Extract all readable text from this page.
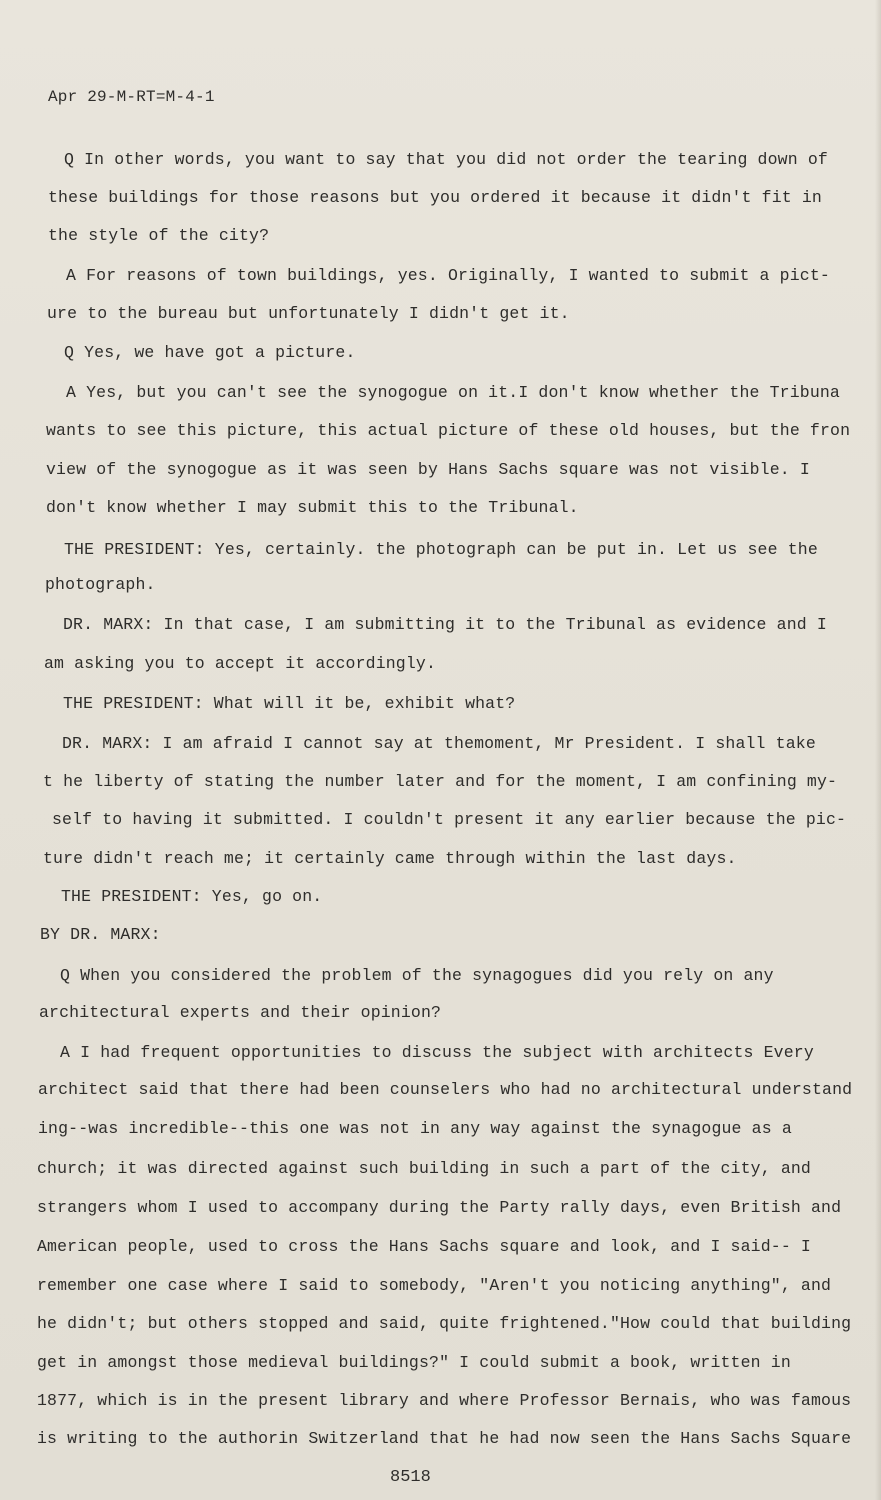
Apr 29-M-RT=M-4-1
Q In other words, you want to say that you did not order the tearing down of
these buildings for those reasons but you ordered it because it didn't fit in
the style of the city?
A For reasons of town buildings, yes. Originally, I wanted to submit a pict-
ure to the bureau but unfortunately I didn't get it.
Q Yes, we have got a picture.
A Yes, but you can't see the synogogue on it.I don't know whether the Tribuna
wants to see this picture, this actual picture of these old houses, but the fron
view of the synogogue as it was seen by Hans Sachs square was not visible. I
don't know whether I may submit this to the Tribunal.
THE PRESIDENT: Yes, certainly. the photograph can be put in. Let us see the
photograph.
DR. MARX: In that case, I am submitting it to the Tribunal as evidence and I
am asking you to accept it accordingly.
THE PRESIDENT: What will it be, exhibit what?
DR. MARX: I am afraid I cannot say at themoment, Mr President. I shall take
t he liberty of stating the number later and for the moment, I am confining my-
self to having it submitted. I couldn't present it any earlier because the pic-
ture didn't reach me; it certainly came through within the last days.
THE PRESIDENT: Yes, go on.
BY DR. MARX:
Q When you considered the problem of the synagogues did you rely on any
architectural experts and their opinion?
A I had frequent opportunities to discuss the subject with architects Every
architect said that there had been counselers who had no architectural understand
ing--was incredible--this one was not in any way against the synagogue as a
church; it was directed against such building in such a part of the city, and
strangers whom I used to accompany during the Party rally days, even British and
American people, used to cross the Hans Sachs square and look, and I said-- I
remember one case where I said to somebody, "Aren't you noticing anything", and
he didn't; but others stopped and said, quite frightened."How could that building
get in amongst those medieval buildings?" I could submit a book, written in
1877, which is in the present library and where Professor Bernais, who was famous
is writing to the authorin Switzerland that he had now seen the Hans Sachs Square
8518
